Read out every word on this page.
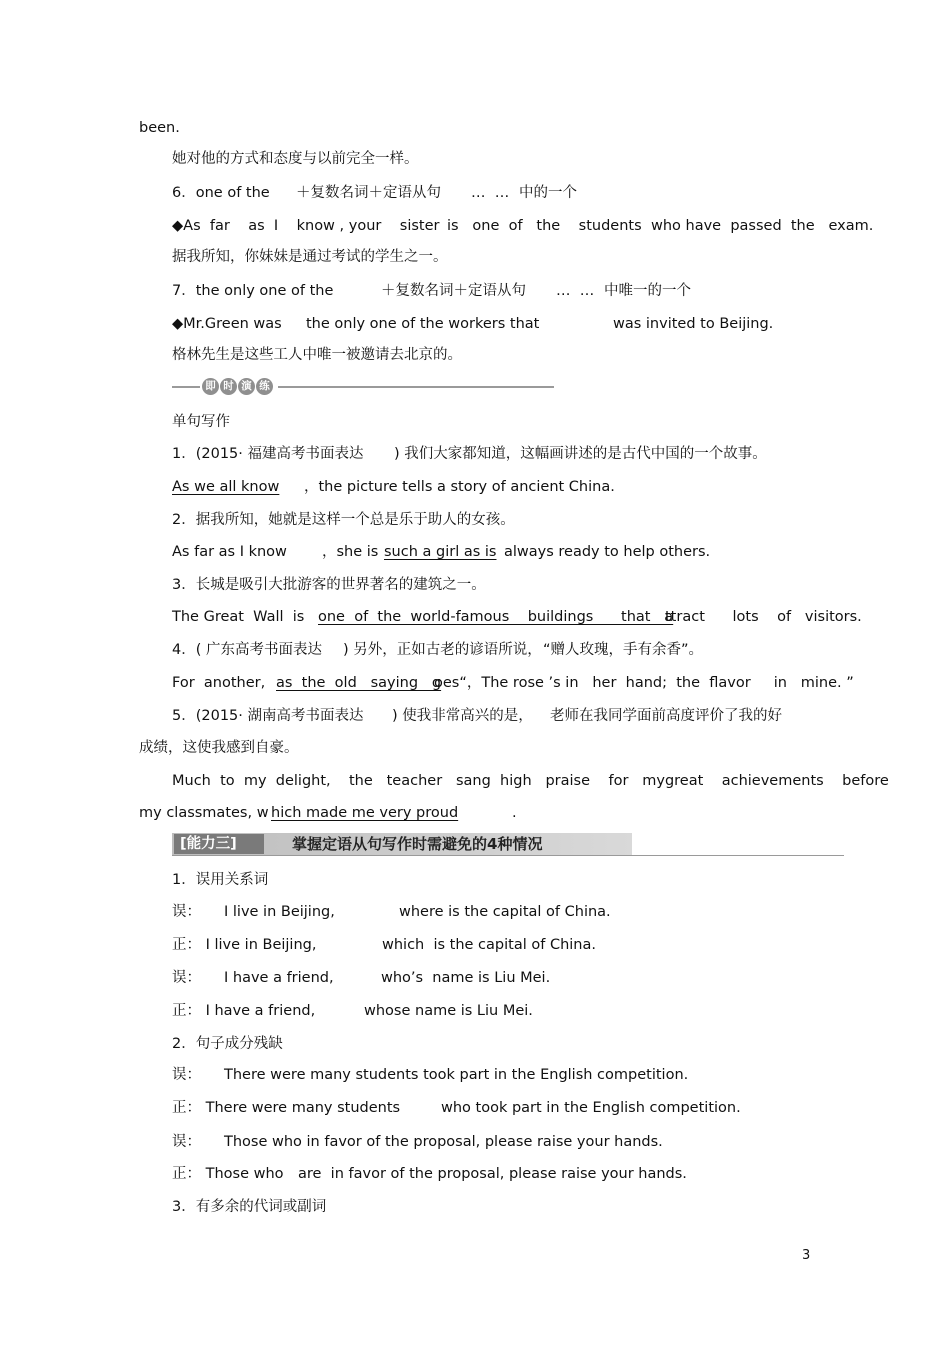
been.
她对他的方式和态度与以前完全一样。
6．one of the ＋复数名词＋定语从句 …  … 中的一个
◆As  far    as  I    know , your    sister is   one  of   the    students who have  passed  the   exam.
据我所知，你妹妹是通过考试的学生之一。
7．the only one of the	＋复数名词＋定语从句 …  … 中唯一的一个
◆Mr.Green was the only one of the workers that	was invited to Beijing.
格林先生是这些工人中唯一被邀请去北京的。
即 时 演 练
单句写作
1．(2015· 福建高考书面表达 ) 我们大家都知道，这幅画讲述的是古代中国的一个故事。
As we all know ，the picture tells a story of ancient China.
2．据我所知，她就是这样一个总是乐于助人的女孩。
As far as I know ，she is such a girl as is always ready to help others.
3．长城是吸引大批游客的世界著名的建筑之一。
The Great  Wall  is one  of  the  world-famous    buildings      that   a
ttract      lots    of   visitors.
4．( 广东高考书面表达 ) 另外，正如古老的谚语所说， “赠人玫瑰，手有余香”。
For  another, as  the  old   saying   g
oes“，The rose ’s in   her  hand;  the  flavor     in   mine. ”
5．(2015· 湖南高考书面表达 ) 使我非常高兴的是， 老师在我同学面前高度评价了我的好
成绩，这使我感到自豪。
Much  to  my  delight, the   teacher   sang  high   praise    for   mygreat    achievements    before
my classmates, w hich made me very proud	.
[能力三]	掌握定语从句写作时需避免的4种情况
1．误用关系词
误： I live in Beijing,	where is the capital of China.
正： I live in Beijing,	which  is the capital of China.
误： I have a friend,	who’s  name is Liu Mei.
正： I have a friend,	whose name is Liu Mei.
2．句子成分残缺
误： There were many students took part in the English competition.
正： There were many students	who took part in the English competition.
误： Those who in favor of the proposal, please raise your hands.
正： Those who are  in favor of the proposal, please raise your hands.
3．有多余的代词或副词
3
